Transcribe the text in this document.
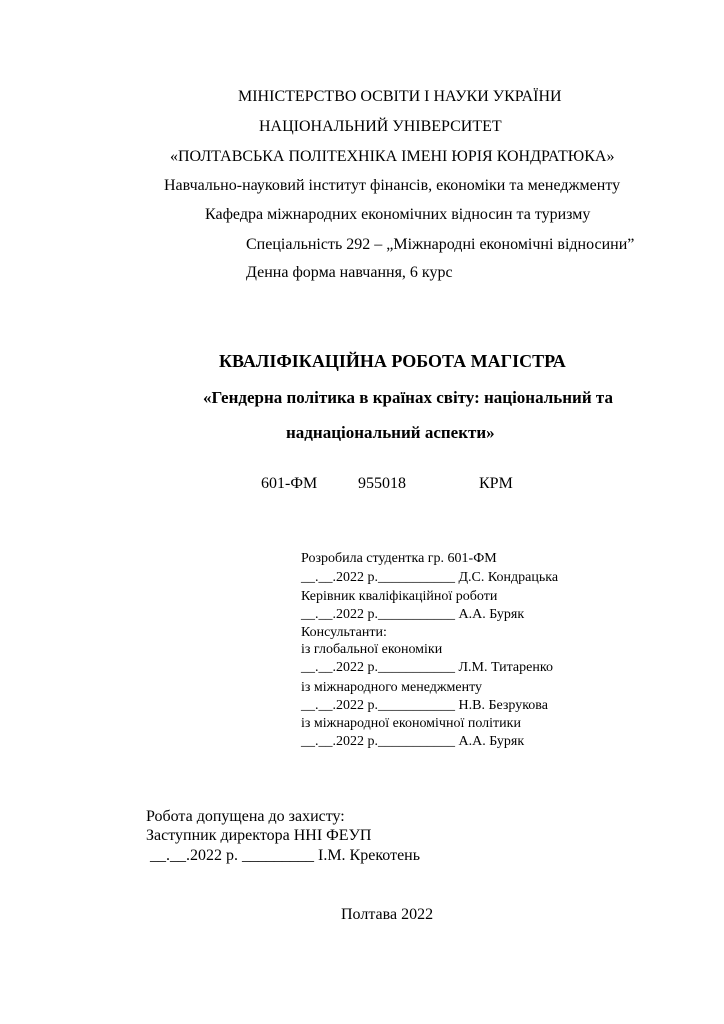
МІНІСТЕРСТВО ОСВІТИ І НАУКИ УКРАЇНИ
НАЦІОНАЛЬНИЙ УНІВЕРСИТЕТ
«ПОЛТАВСЬКА ПОЛІТЕХНІКА ІМЕНІ ЮРІЯ КОНДРАТЮКА»
Навчально-науковий інститут фінансів, економіки та менеджменту
Кафедра міжнародних економічних відносин та туризму
Спеціальність 292 – „Міжнародні економічні відносини”
Денна форма навчання, 6 курс
КВАЛІФІКАЦІЙНА РОБОТА МАГІСТРА
«Гендерна політика в країнах світу: національний та
наднаціональний аспекти»
601-ФМ	955018	КРМ
Розробила студентка гр. 601-ФМ
__.__.2022 р.___________ Д.С. Кондрацька
Керівник кваліфікаційної роботи
__.__.2022 р.___________ А.А. Буряк
Консультанти:
із глобальної економіки
__.__.2022 р.___________ Л.М. Титаренко
із міжнародного менеджменту
__.__.2022 р.___________ Н.В. Безрукова
із міжнародної економічної політики
__.__.2022 р.___________ А.А. Буряк
Робота допущена до захисту:
Заступник директора ННІ ФЕУП
__.__.2022 р. _________ І.М. Крекотень
Полтава 2022
